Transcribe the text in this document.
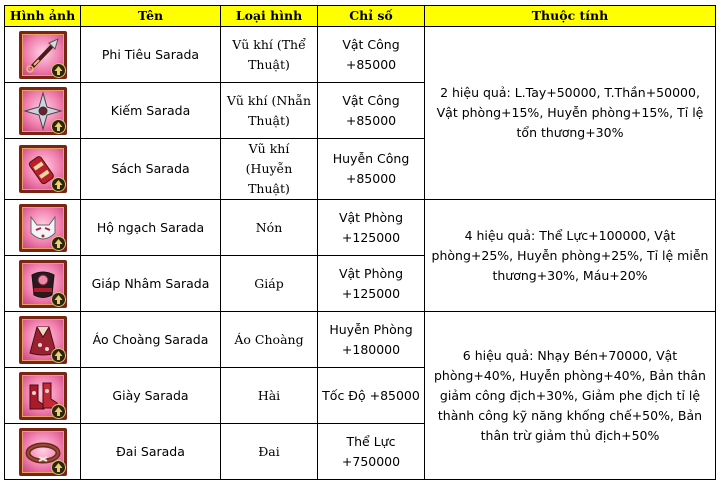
Hình ảnh	Tên	Loại hình	Chỉ số	Thuộc tính

	Phi Tiêu Sarada	Vũ khí (Thể Thuật)	Vật Công +85000	2 hiệu quả: L.Tay+50000, T.Thần+50000, Vật phòng+15%, Huyễn phòng+15%, Tỉ lệ tổn thương+30%

	Kiếm Sarada	Vũ khí (Nhẫn Thuật)	Vật Công +85000	

	Sách Sarada	Vũ khí (Huyễn Thuật)	Huyễn Công +85000	

	Hộ ngạch Sarada	Nón	Vật Phòng +125000	4 hiệu quả: Thể Lực+100000, Vật phòng+25%, Huyễn phòng+25%, Tỉ lệ miễn thương+30%, Máu+20%

	Giáp Nhâm Sarada	Giáp	Vật Phòng +125000	

	Áo Choàng Sarada	Áo Choàng	Huyễn Phòng +180000	6 hiệu quả: Nhạy Bén+70000, Vật phòng+40%, Huyễn phòng+40%, Bản thân giảm công địch+30%, Giảm phe địch tỉ lệ thành công kỹ năng khống chế+50%, Bản thân trừ giảm thủ địch+50%

	Giày Sarada	Hài	Tốc Độ +85000	

	Đai Sarada	Đai	Thể Lực +750000	
